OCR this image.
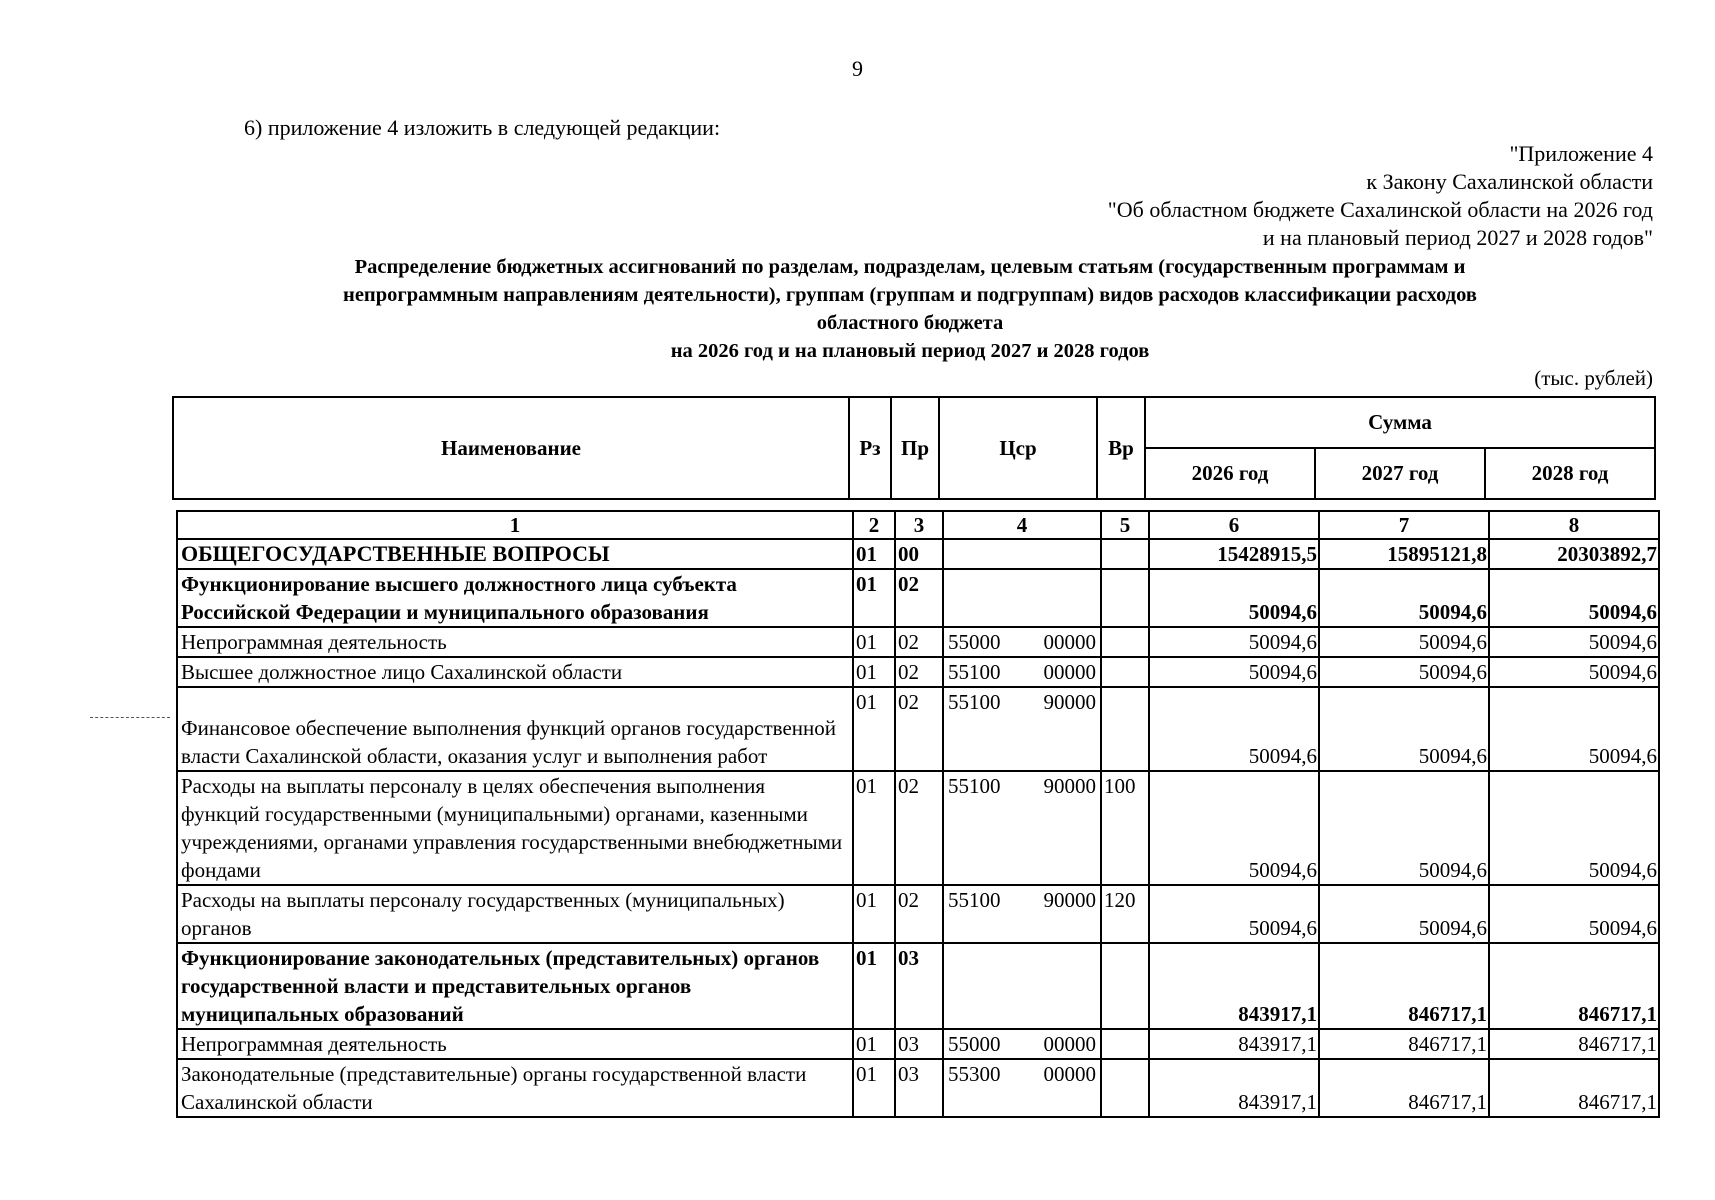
9
6) приложение 4 изложить в следующей редакции:
"Приложение 4
к Закону Сахалинской области
"Об областном бюджете Сахалинской области на 2026 год
и на плановый период 2027 и 2028 годов"
Распределение бюджетных ассигнований по разделам, подразделам, целевым статьям (государственным программам и
непрограммным направлениям деятельности), группам (группам и подгруппам) видов расходов классификации расходов
областного бюджета
на 2026 год и на плановый период 2027 и 2028 годов
(тыс. рублей)
Наименование	Рз	Пр	Цср	Вр	Сумма		
					2026 год	2027 год	2028 год
1	2	3	4	5	6	7	8
ОБЩЕГОСУДАРСТВЕННЫЕ ВОПРОСЫ	01	00			15428915,5	15895121,8	20303892,7
Функционирование высшего должностного лица субъекта Российской Федерации и муниципального образования	01	02			50094,6	50094,6	50094,6
Непрограммная деятельность	01	02	55000 00000		50094,6	50094,6	50094,6
Высшее должностное лицо Сахалинской области	01	02	55100 00000		50094,6	50094,6	50094,6
Финансовое обеспечение выполнения функций органов государственной власти Сахалинской области, оказания услуг и выполнения работ	01	02	55100 90000		50094,6	50094,6	50094,6
Расходы на выплаты персоналу в целях обеспечения выполнения функций государственными (муниципальными) органами, казенными учреждениями, органами управления государственными внебюджетными фондами	01	02	55100 90000	100	50094,6	50094,6	50094,6
Расходы на выплаты персоналу государственных (муниципальных) органов	01	02	55100 90000	120	50094,6	50094,6	50094,6
Функционирование законодательных (представительных) органов государственной власти и представительных органов муниципальных образований	01	03			843917,1	846717,1	846717,1
Непрограммная деятельность	01	03	55000 00000		843917,1	846717,1	846717,1
Законодательные (представительные) органы государственной власти Сахалинской области	01	03	55300 00000		843917,1	846717,1	846717,1
